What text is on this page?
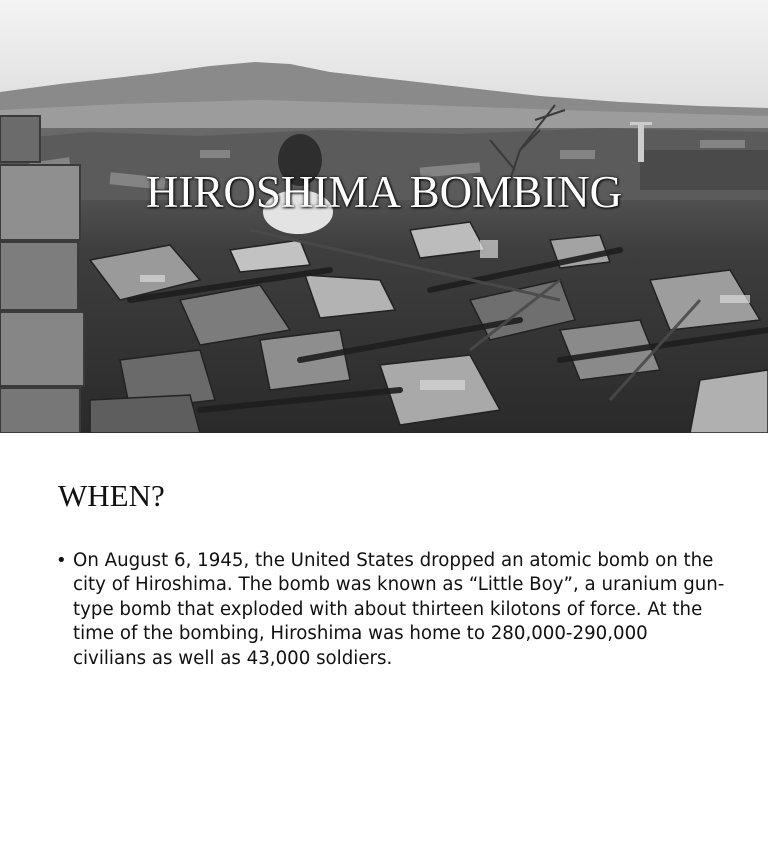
HIROSHIMA BOMBING
WHEN?
• On August 6, 1945, the United States dropped an atomic bomb on the city of Hiroshima. The bomb was known as “Little Boy”, a uranium gun-type bomb that exploded with about thirteen kilotons of force. At the time of the bombing, Hiroshima was home to 280,000-290,000 civilians as well as 43,000 soldiers.
